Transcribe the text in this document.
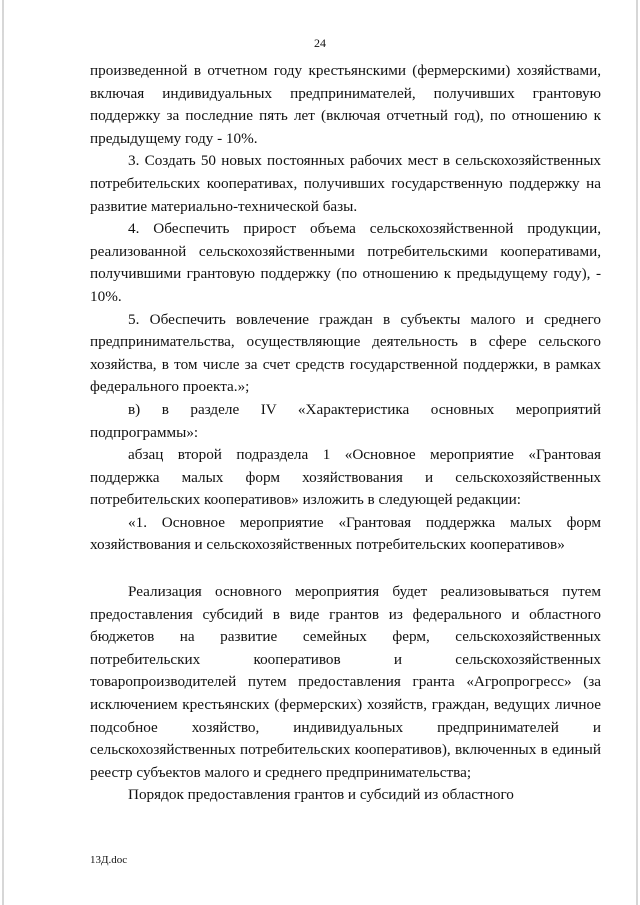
24

произведенной в отчетном году крестьянскими (фермерскими) хозяйствами, включая индивидуальных предпринимателей, получивших грантовую поддержку за последние пять лет (включая отчетный год), по отношению к предыдущему году - 10%.

3. Создать 50 новых постоянных рабочих мест в сельскохозяйственных потребительских кооперативах, получивших государственную поддержку на развитие материально-технической базы.

4. Обеспечить прирост объема сельскохозяйственной продукции, реализованной сельскохозяйственными потребительскими кооперативами, получившими грантовую поддержку (по отношению к предыдущему году), - 10%.

5. Обеспечить вовлечение граждан в субъекты малого и среднего предпринимательства, осуществляющие деятельность в сфере сельского хозяйства, в том числе за счет средств государственной поддержки, в рамках федерального проекта.»;

в) в разделе IV «Характеристика основных мероприятий подпрограммы»:

абзац второй подраздела 1 «Основное мероприятие «Грантовая поддержка малых форм хозяйствования и сельскохозяйственных потребительских кооперативов» изложить в следующей редакции:

«1. Основное мероприятие «Грантовая поддержка малых форм хозяйствования и сельскохозяйственных потребительских кооперативов»

Реализация основного мероприятия будет реализовываться путем предоставления субсидий в виде грантов из федерального и областного бюджетов на развитие семейных ферм, сельскохозяйственных потребительских кооперативов и сельскохозяйственных товаропроизводителей путем предоставления гранта «Агропрогресс» (за исключением крестьянских (фермерских) хозяйств, граждан, ведущих личное подсобное хозяйство, индивидуальных предпринимателей и сельскохозяйственных потребительских кооперативов), включенных в единый реестр субъектов малого и среднего предпринимательства;

Порядок предоставления грантов и субсидий из областного

13Д.doc
